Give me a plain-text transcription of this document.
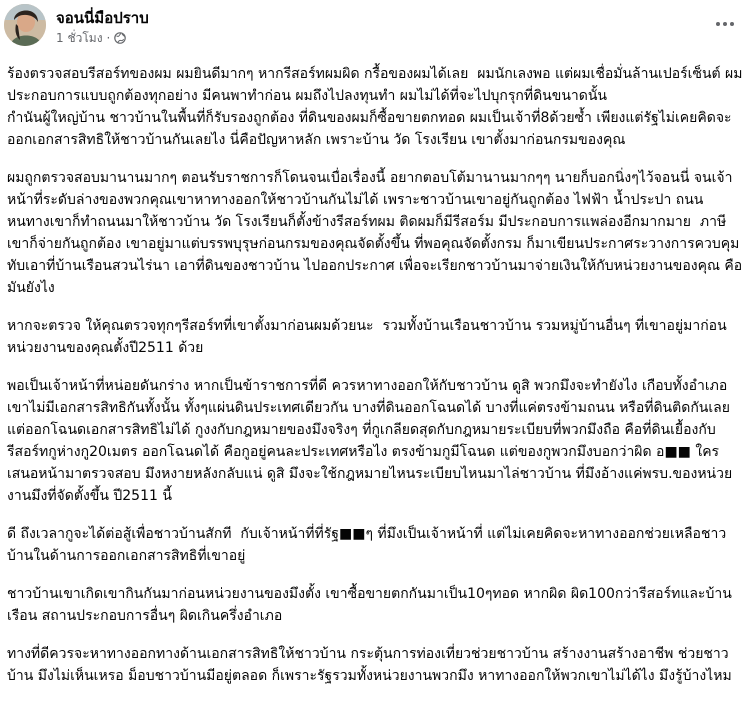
จอนนี่มือปราบ
1 ชั่วโมง ·

ร้องตรวจสอบรีสอร์ทของผม ผมยินดีมากๆ หากรีสอร์ทผมผิด กรื้อของผมได้เลย  ผมนักเลงพอ แต่ผมเชื่อมั่นล้านเปอร์เซ็นต์ ผมประกอบการแบบถูกต้องทุกอย่าง มีคนพาทำก่อน ผมถึงไปลงทุนทำ ผมไม่ได้ที่จะไปบุกรุกที่ดินขนาดนั้น
กำนันผู้ใหญ่บ้าน ชาวบ้านในพื้นที่ก็รับรองถูกต้อง ที่ดินของผมก็ซื้อขายตกทอด ผมเป็นเจ้าที่8ด้วยซ้ำ เพียงแต่รัฐไม่เคยคิดจะออกเอกสารสิทธิให้ชาวบ้านกันเลยไง นี่คือปัญหาหลัก เพราะบ้าน วัด โรงเรียน เขาตั้งมาก่อนกรมของคุณ

ผมถูกตรวจสอบมานานมากๆ ตอนรับราชการก็โดนจนเบื่อเรื่องนี้ อยากตอบโต้มานานมากๆๆ นายก็บอกนิ่งๆไว้จอนนี่ จนเจ้าหน้าที่ระดับล่างของพวกคุณเขาหาทางออกให้ชาวบ้านกันไม่ได้ เพราะชาวบ้านเขาอยู่กันถูกต้อง ไฟฟ้า น้ำประปา ถนนหนทางเขาก็ทำถนนมาให้ชาวบ้าน วัด โรงเรียนก็ตั้งข้างรีสอร์ทผม ติดผมก็มีรีสอร์ม มีประกอบการแพล่องอีกมากมาย  ภาษี เขาก็จ่ายกันถูกต้อง เขาอยู่มาแต่บรรพบุรุษก่อนกรมของคุณจัดตั้งขึ้น ที่พอคุณจัดตั้งกรม ก็มาเขียนประกาศระวางการควบคุมทับเอาที่บ้านเรือนสวนไร่นา เอาที่ดินของชาวบ้าน ไปออกประกาศ เพื่อจะเรียกชาวบ้านมาจ่ายเงินให้กับหน่วยงานของคุณ คือมันยังไง

หากจะตรวจ ให้คุณตรวจทุกๆรีสอร์ทที่เขาตั้งมาก่อนผมด้วยนะ  รวมทั้งบ้านเรือนชาวบ้าน รวมหมู่บ้านอื่นๆ ที่เขาอยู่มาก่อนหน่วยงานของคุณตั้งปี2511 ด้วย

พอเป็นเจ้าหน้าที่หน่อยดันกร่าง หากเป็นข้าราชการที่ดี ควรหาทางออกให้กับชาวบ้าน ดูสิ พวกมึงจะทำยังไง เกือบทั้งอำเภอ เขาไม่มีเอกสารสิทธิกันทั้งนั้น ทั้งๆแผ่นดินประเทศเดียวกัน บางที่ดินออกโฉนดได้ บางที่แค่ตรงข้ามถนน หรือที่ดินติดกันเลย แต่ออกโฉนดเอกสารสิทธิไม่ได้ กูงงกับกฎหมายของมึงจริงๆ ที่กูเกลียดสุดกับกฎหมายระเบียบที่พวกมึงถือ คือที่ดินเยื้องกับรีสอร์ทกูห่างกู20เมตร ออกโฉนดได้ คือกูอยู่คนละประเทศหรือไง ตรงข้ามกูมีโฉนด แต่ของกูพวกมึงบอกว่าผิด อ■■ ใครเสนอหน้ามาตรวจสอบ มึงหงายหลังกลับแน่ ดูสิ มึงจะใช้กฎหมายไหนระเบียบไหนมาไล่ชาวบ้าน ที่มึงอ้างแค่พรบ.ของหน่วยงานมึงที่จัดตั้งขึ้น ปี2511 นี้

ดี ถึงเวลากูจะได้ต่อสู้เพื่อชาวบ้านสักที  กับเจ้าหน้าที่ที่รัฐ■■ๆ ที่มึงเป็นเจ้าหน้าที่ แต่ไม่เคยคิดจะหาทางออกช่วยเหลือชาวบ้านในด้านการออกเอกสารสิทธิที่เขาอยู่

ชาวบ้านเขาเกิดเขากินกันมาก่อนหน่วยงานของมึงตั้ง เขาซื้อขายตกกันมาเป็น10ๆทอด หากผิด ผิด100กว่ารีสอร์ทและบ้านเรือน สถานประกอบการอื่นๆ ผิดเกินครึ่งอำเภอ

ทางที่ดีควรจะหาทางออกทางด้านเอกสารสิทธิให้ชาวบ้าน กระตุ้นการท่องเที่ยวช่วยชาวบ้าน สร้างงานสร้างอาชีพ ช่วยชาวบ้าน มึงไม่เห็นเหรอ ม็อบชาวบ้านมีอยู่ตลอด ก็เพราะรัฐรวมทั้งหน่วยงานพวกมึง หาทางออกให้พวกเขาไม่ได้ไง มึงรู้บ้างไหม
